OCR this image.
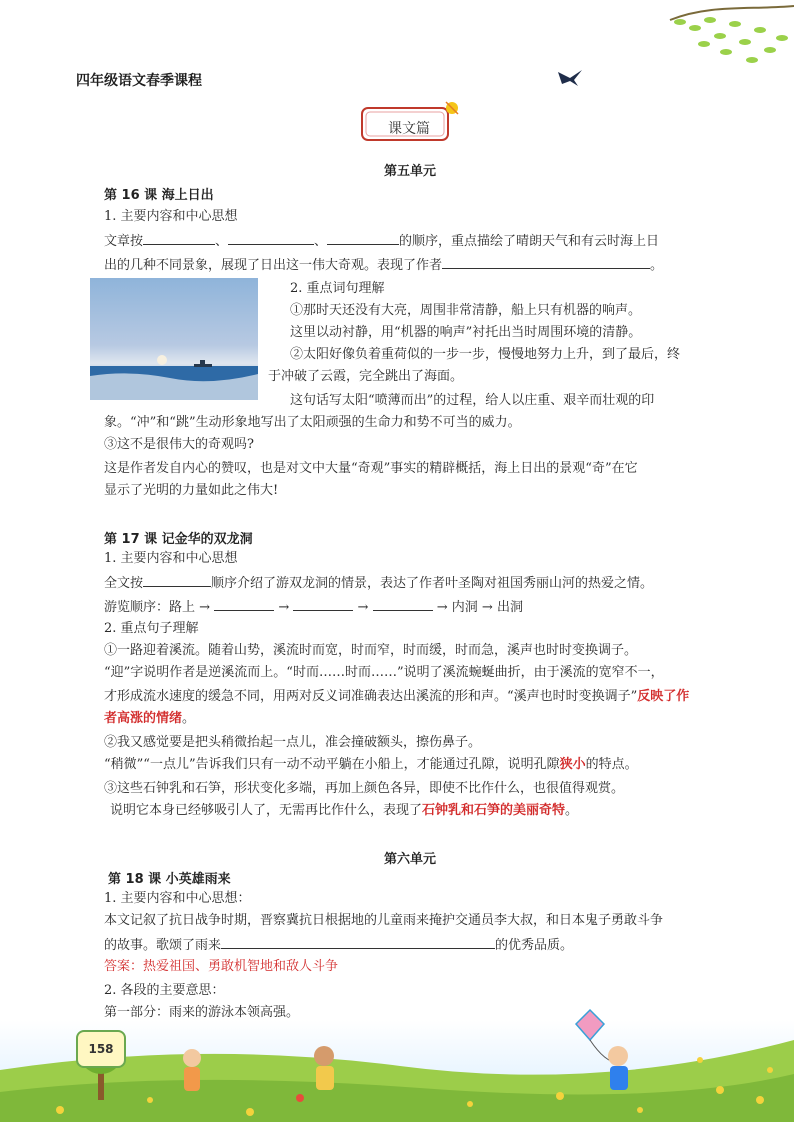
四年级语文春季课程
课文篇
第五单元
第 16 课 海上日出
1. 主要内容和中心思想
文章按	、	、	的顺序，重点描绘了晴朗天气和有云时海上日
出的几种不同景象，展现了日出这一伟大奇观。表现了作者	。
2. 重点词句理解
①那时天还没有大亮，周围非常清静，船上只有机器的响声。
这里以动衬静，用“机器的响声”衬托出当时周围环境的清静。
②太阳好像负着重荷似的一步一步，慢慢地努力上升，到了最后，终
于冲破了云霞，完全跳出了海面。
这句话写太阳“喷薄而出”的过程，给人以庄重、艰辛而壮观的印
象。“冲”和“跳”生动形象地写出了太阳顽强的生命力和势不可当的威力。
③这不是很伟大的奇观吗?
这是作者发自内心的赞叹，也是对文中大量“奇观”事实的精辟概括，海上日出的景观“奇”在它
显示了光明的力量如此之伟大!
第 17 课 记金华的双龙洞
1. 主要内容和中心思想
全文按	顺序介绍了游双龙洞的情景，表达了作者叶圣陶对祖国秀丽山河的热爱之情。
游览顺序：路上 →	→	→	→ 内洞 → 出洞
2. 重点句子理解
①一路迎着溪流。随着山势，溪流时而宽，时而窄，时而缓，时而急，溪声也时时变换调子。
“迎”字说明作者是逆溪流而上。“时而……时而……”说明了溪流蜿蜒曲折，由于溪流的宽窄不一，
才形成流水速度的缓急不同，用两对反义词准确表达出溪流的形和声。“溪声也时时变换调子”反映了作
者高涨的情绪。
②我又感觉要是把头稍微抬起一点儿，准会撞破额头，擦伤鼻子。
“稍微”“一点儿”告诉我们只有一动不动平躺在小船上，才能通过孔隙，说明孔隙狭小的特点。
③这些石钟乳和石笋，形状变化多端，再加上颜色各异，即使不比作什么，也很值得观赏。
说明它本身已经够吸引人了，无需再比作什么，表现了石钟乳和石笋的美丽奇特。
第六单元
第 18 课 小英雄雨来
1. 主要内容和中心思想：
本文记叙了抗日战争时期，晋察冀抗日根据地的儿童雨来掩护交通员李大叔，和日本鬼子勇敢斗争
的故事。歌颂了雨来	的优秀品质。
答案：热爱祖国、勇敢机智地和敌人斗争
2. 各段的主要意思：
第一部分：雨来的游泳本领高强。
158
